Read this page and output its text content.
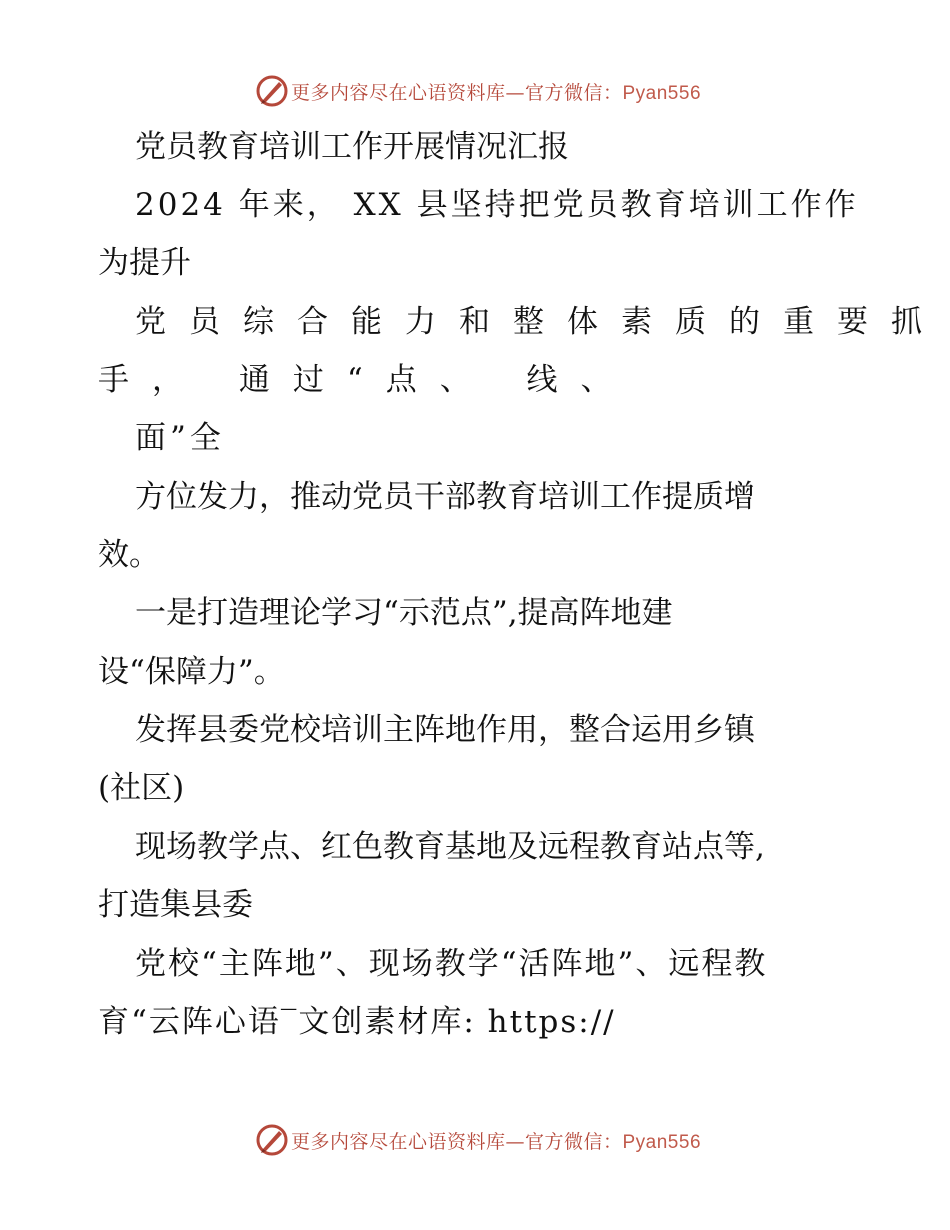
更多内容尽在心语资料库—官方微信：Pyan556
党员教育培训工作开展情况汇报
2024 年来， XX 县坚持把党员教育培训工作作
为提升
党员综合能力和整体素质的重要抓
手， 通过“点、 线、
面”全
方位发力，推动党员干部教育培训工作提质增
效。
一是打造理论学习“示范点”,提高阵地建
设“保障力”。
发挥县委党校培训主阵地作用，整合运用乡镇
(社区)
现场教学点、红色教育基地及远程教育站点等,
打造集县委
党校“主阵地”、现场教学“活阵地”、远程教
育“云阵心语‾文创素材库: https://
更多内容尽在心语资料库—官方微信：Pyan556
